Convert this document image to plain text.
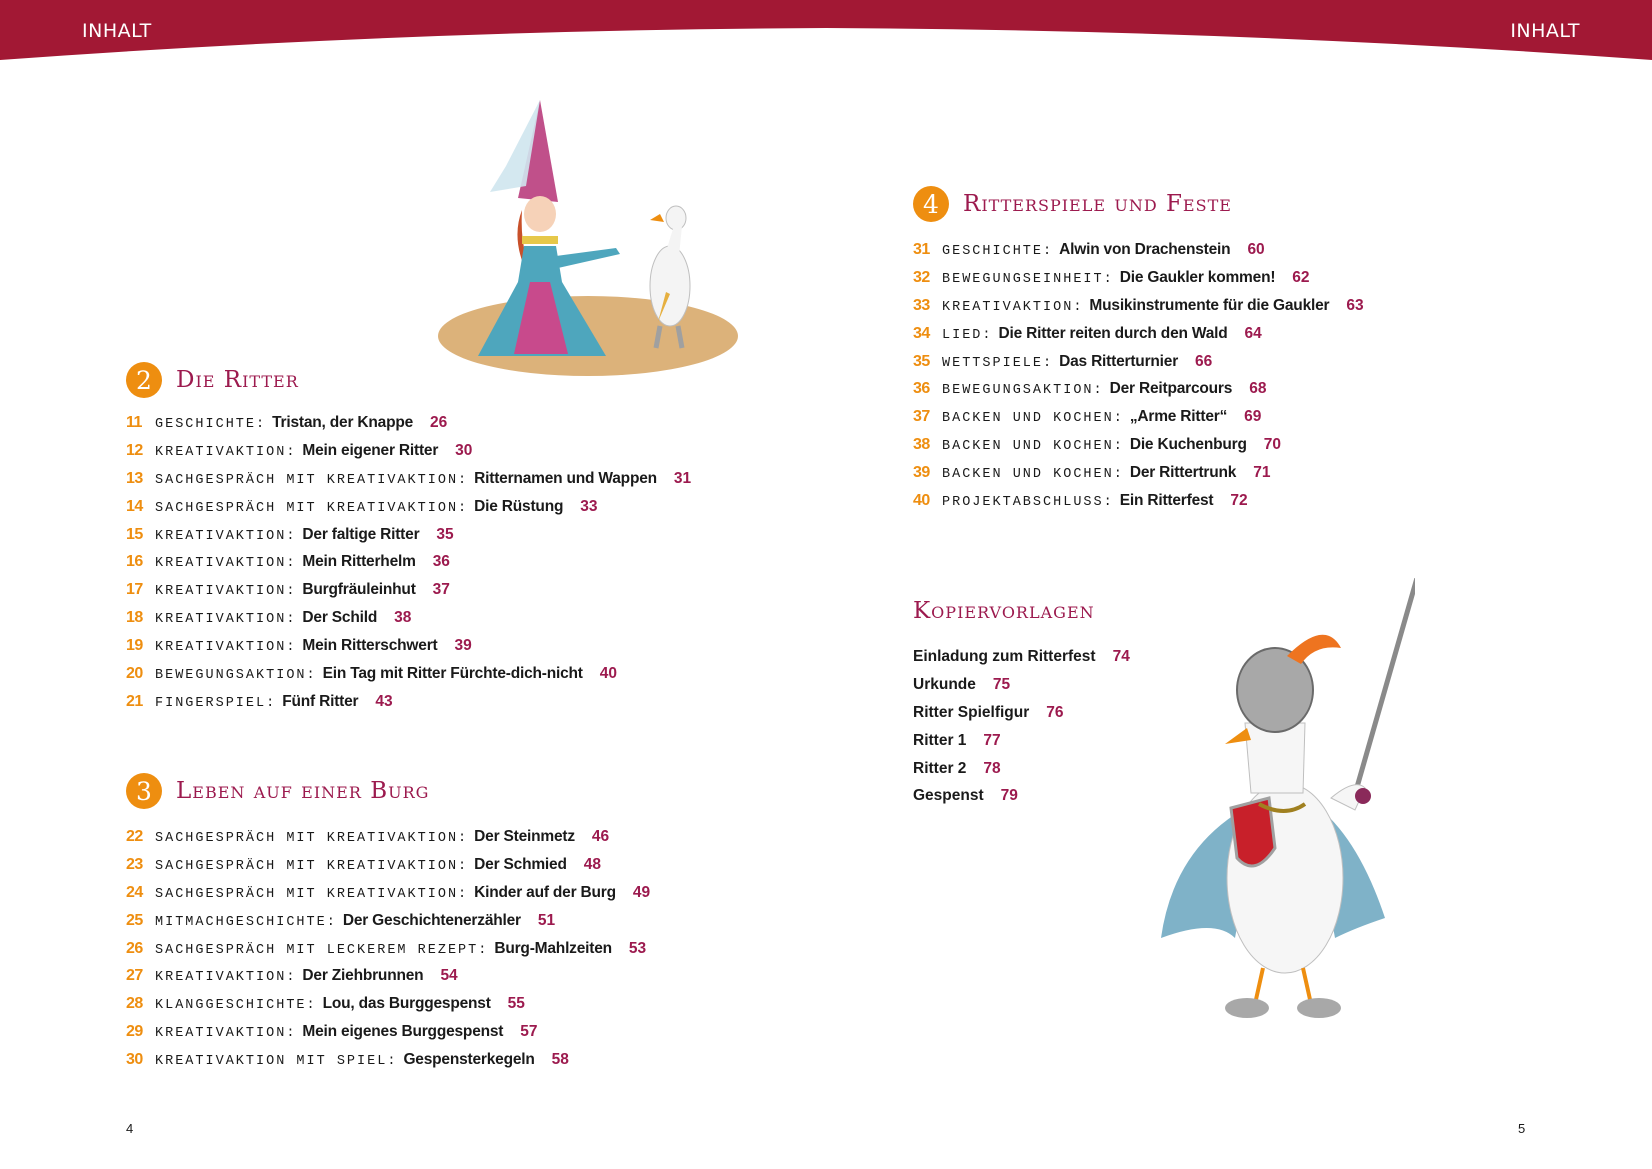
INHALT	INHALT
2	Die Ritter
11 GESCHICHTE: Tristan, der Knappe 26
12 KREATIVAKTION: Mein eigener Ritter 30
13 SACHGESPRÄCH MIT KREATIVAKTION: Ritternamen und Wappen 31
14 SACHGESPRÄCH MIT KREATIVAKTION: Die Rüstung 33
15 KREATIVAKTION: Der faltige Ritter 35
16 KREATIVAKTION: Mein Ritterhelm 36
17 KREATIVAKTION: Burgfräuleinhut 37
18 KREATIVAKTION: Der Schild 38
19 KREATIVAKTION: Mein Ritterschwert 39
20 BEWEGUNGSAKTION: Ein Tag mit Ritter Fürchte-dich-nicht 40
21 FINGERSPIEL: Fünf Ritter 43
3	Leben auf einer Burg
22 SACHGESPRÄCH MIT KREATIVAKTION: Der Steinmetz 46
23 SACHGESPRÄCH MIT KREATIVAKTION: Der Schmied 48
24 SACHGESPRÄCH MIT KREATIVAKTION: Kinder auf der Burg 49
25 MITMACHGESCHICHTE: Der Geschichtenerzähler 51
26 SACHGESPRÄCH MIT LECKEREM REZEPT: Burg-Mahlzeiten 53
27 KREATIVAKTION: Der Ziehbrunnen 54
28 KLANGGESCHICHTE: Lou, das Burggespenst 55
29 KREATIVAKTION: Mein eigenes Burggespenst 57
30 KREATIVAKTION MIT SPIEL: Gespensterkegeln 58
4	Ritterspiele und Feste
31 GESCHICHTE: Alwin von Drachenstein 60
32 BEWEGUNGSEINHEIT: Die Gaukler kommen! 62
33 KREATIVAKTION: Musikinstrumente für die Gaukler 63
34 LIED: Die Ritter reiten durch den Wald 64
35 WETTSPIELE: Das Ritterturnier 66
36 BEWEGUNGSAKTION: Der Reitparcours 68
37 BACKEN UND KOCHEN: „Arme Ritter“ 69
38 BACKEN UND KOCHEN: Die Kuchenburg 70
39 BACKEN UND KOCHEN: Der Rittertrunk 71
40 PROJEKTABSCHLUSS: Ein Ritterfest 72
Kopiervorlagen
Einladung zum Ritterfest 74
Urkunde 75
Ritter Spielfigur 76
Ritter 1 77
Ritter 2 78
Gespenst 79
4	5
